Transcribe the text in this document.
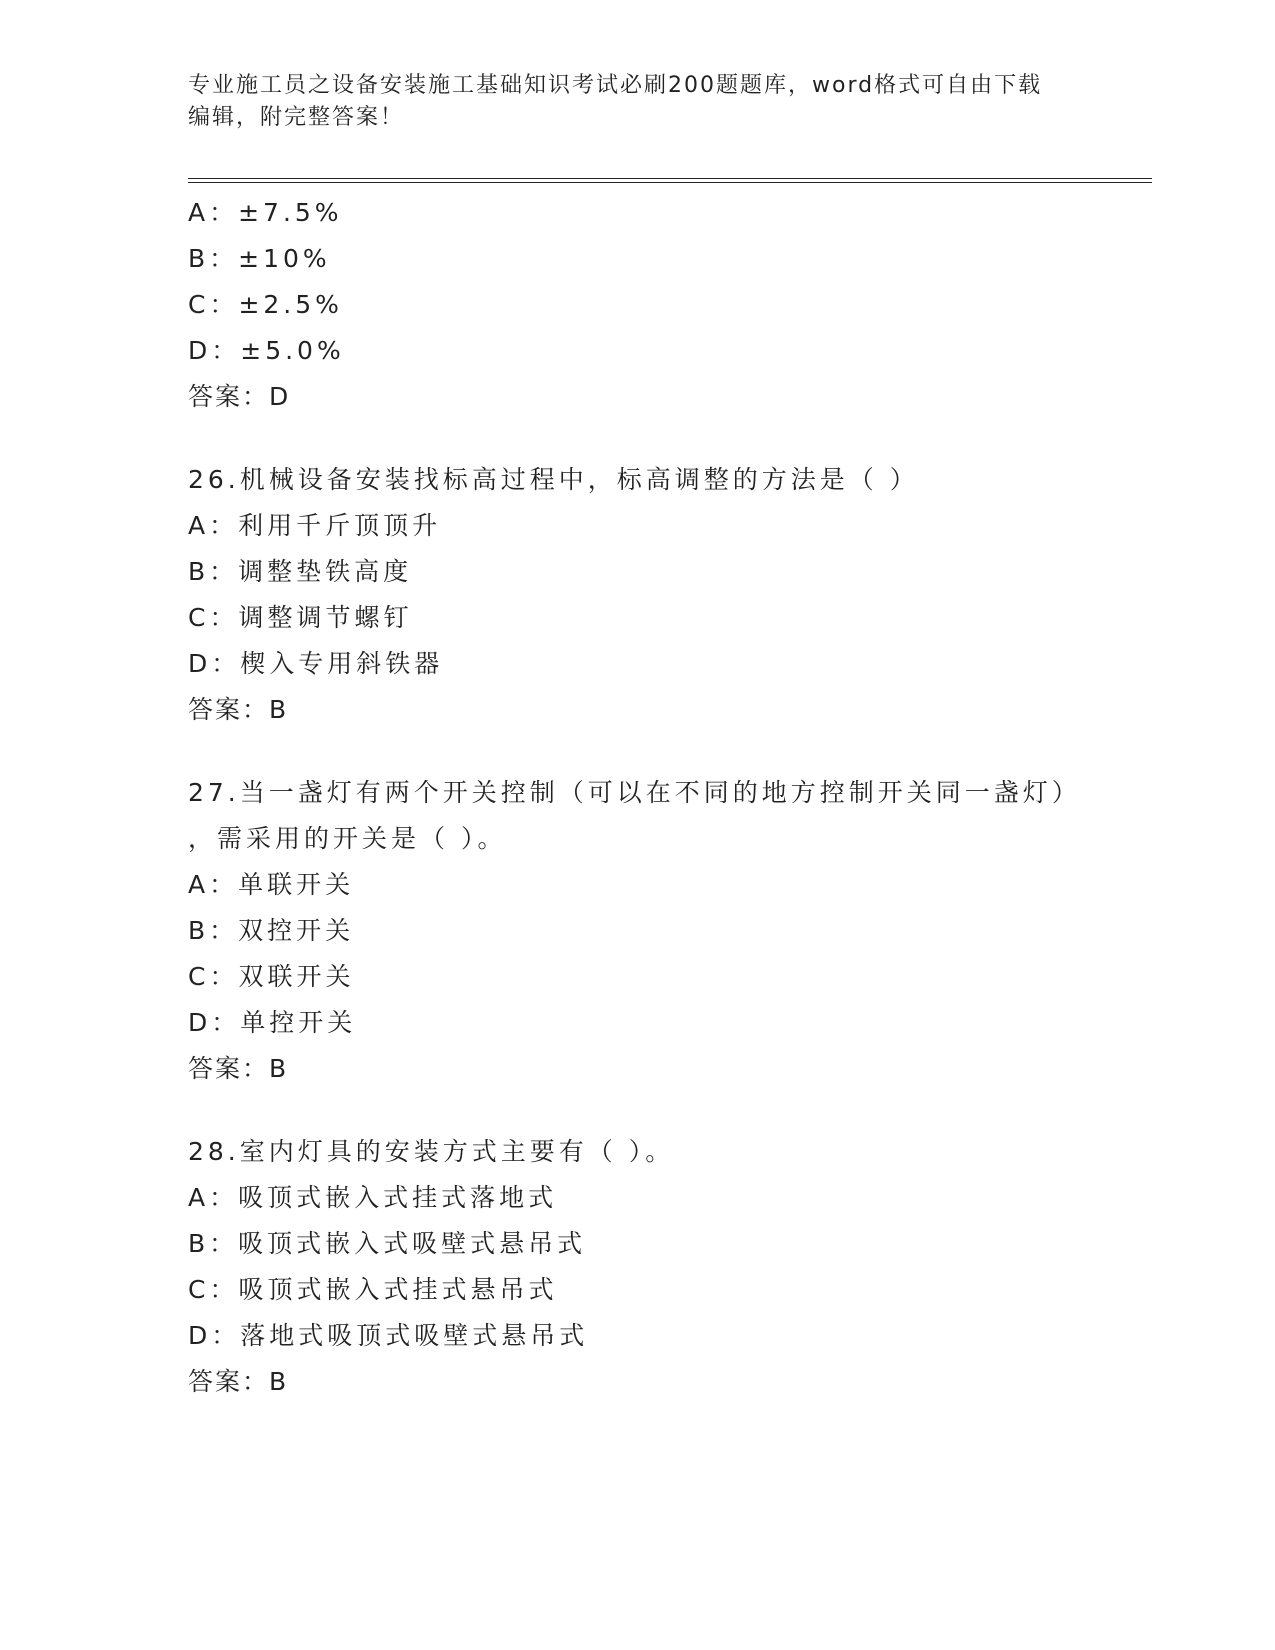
专业施工员之设备安装施工基础知识考试必刷200题题库，word格式可自由下载
编辑，附完整答案！
A：±7.5%
B：±10%
C：±2.5%
D：±5.0%
答案：D
26.机械设备安装找标高过程中，标高调整的方法是（ ）
A：利用千斤顶顶升
B：调整垫铁高度
C：调整调节螺钉
D：楔入专用斜铁器
答案：B
27.当一盏灯有两个开关控制（可以在不同的地方控制开关同一盏灯）
，需采用的开关是（ ）。
A：单联开关
B：双控开关
C：双联开关
D：单控开关
答案：B
28.室内灯具的安装方式主要有（ ）。
A：吸顶式嵌入式挂式落地式
B：吸顶式嵌入式吸壁式悬吊式
C：吸顶式嵌入式挂式悬吊式
D：落地式吸顶式吸壁式悬吊式
答案：B
